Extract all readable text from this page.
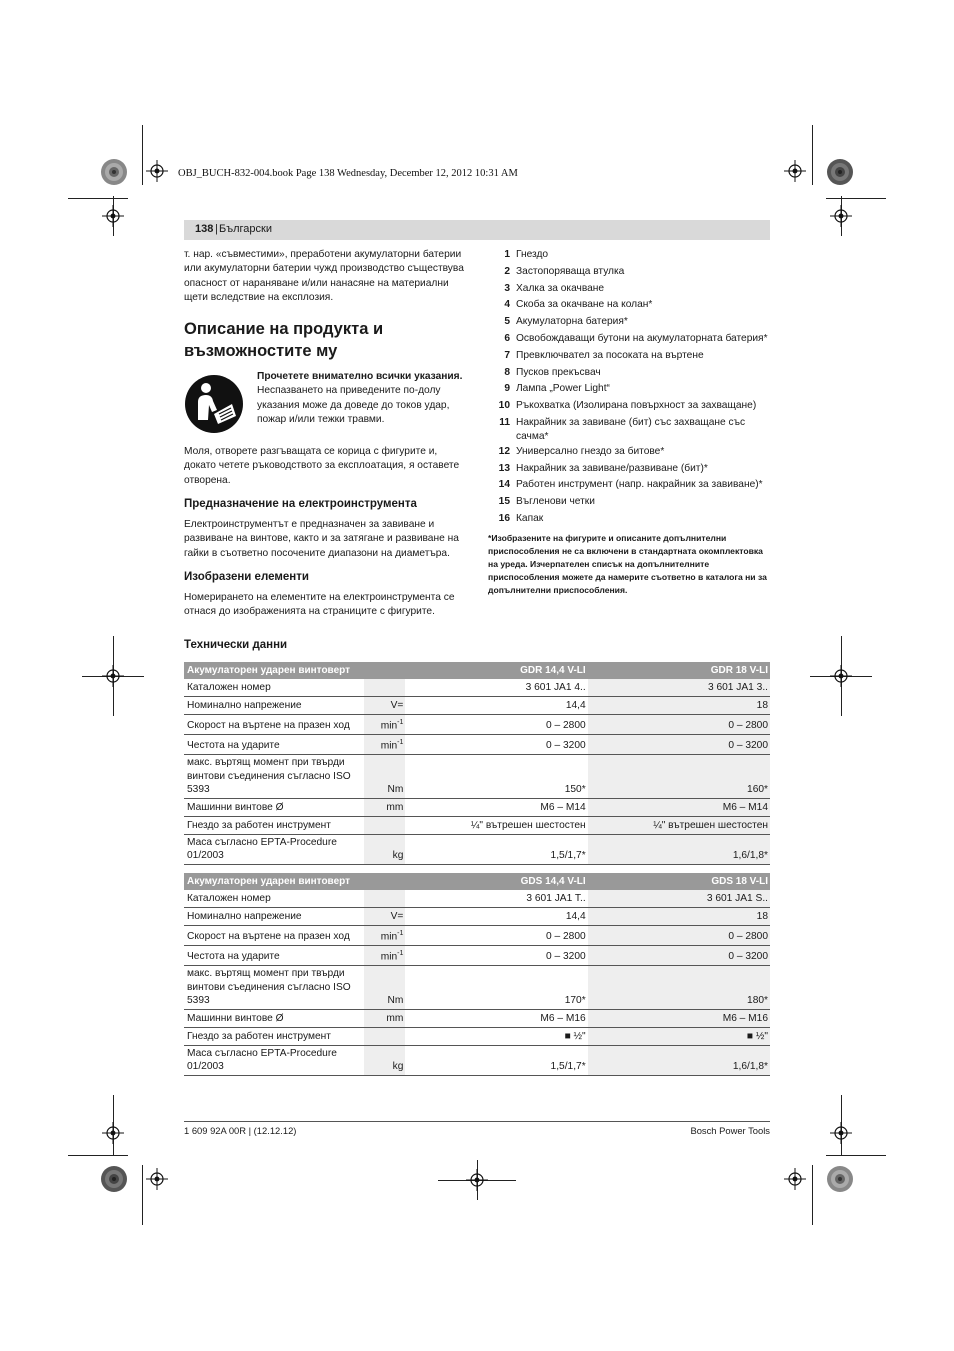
OBJ_BUCH-832-004.book Page 138 Wednesday, December 12, 2012 10:31 AM
138 | Български
т. нар. «съвместими», преработени акумулаторни батерии или акумулаторни батерии чужд производство съществува опасност от нараняване и/или нанасяне на материални щети вследствие на експлозия.
Описание на продукта и възможностите му
Прочетете внимателно всички указания.
Неспазването на приведените по-долу указания може да доведе до токов удар, пожар и/или тежки травми.
Моля, отворете разгъващата се корица с фигурите и, докато четете ръководството за експлоатация, я оставете отворена.
Предназначение на електроинструмента
Електроинструментът е предназначен за завиване и развиване на винтове, както и за затягане и развиване на гайки в съответно посочените диапазони на диаметъра.
Изобразени елементи
Номерирането на елементите на електроинструмента се отнася до изображенията на страниците с фигурите.
1 Гнездо
2 Застопоряваща втулка
3 Халка за окачване
4 Скоба за окачване на колан*
5 Акумулаторна батерия*
6 Освобождаващи бутони на акумулаторната батерия*
7 Превключвател за посоката на въртене
8 Пусков прекъсвач
9 Лампа „Power Light“
10 Ръкохватка (Изолирана повърхност за захващане)
11 Накрайник за завиване (бит) със захващане със сачма*
12 Универсално гнездо за битове*
13 Накрайник за завиване/развиване (бит)*
14 Работен инструмент (напр. накрайник за завиване)*
15 Въгленови четки
16 Капак
*Изобразените на фигурите и описаните допълнителни приспособления не са включени в стандартната окомплектовка на уреда. Изчерпателен списък на допълнителните приспособления можете да намерите съответно в каталога ни за допълнителни приспособления.
Технически данни
Акумулаторен ударен винтоверт		GDR 14,4 V-LI	GDR 18 V-LI
Каталожен номер		3 601 JA1 4..	3 601 JA1 3..
Номинално напрежение	V=	14,4	18
Скорост на въртене на празен ход	$\min^{-1}$	0 – 2800	0 – 2800
Честота на ударите	$\min^{-1}$	0 – 3200	0 – 3200
макс. въртящ момент при твърди винтови съединения съгласно ISO 5393	Nm	150*	160*
Машинни винтове Ø	mm	M6 – M14	M6 – M14
Гнездо за работен инструмент		¼" вътрешен шестостен	¼" вътрешен шестостен
Маса съгласно EPTA-Procedure 01/2003	kg	1,5/1,7*	1,6/1,8*
Акумулаторен ударен винтоверт		GDS 14,4 V-LI	GDS 18 V-LI
Каталожен номер		3 601 JA1 T..	3 601 JA1 S..
Номинално напрежение	V=	14,4	18
Скорост на въртене на празен ход	$\min^{-1}$	0 – 2800	0 – 2800
Честота на ударите	$\min^{-1}$	0 – 3200	0 – 3200
макс. въртящ момент при твърди винтови съединения съгласно ISO 5393	Nm	170*	180*
Машинни винтове Ø	mm	M6 – M16	M6 – M16
Гнездо за работен инструмент		■ ½"	■ ½"
Маса съгласно EPTA-Procedure 01/2003	kg	1,5/1,7*	1,6/1,8*
1 609 92A 00R | (12.12.12)	Bosch Power Tools
